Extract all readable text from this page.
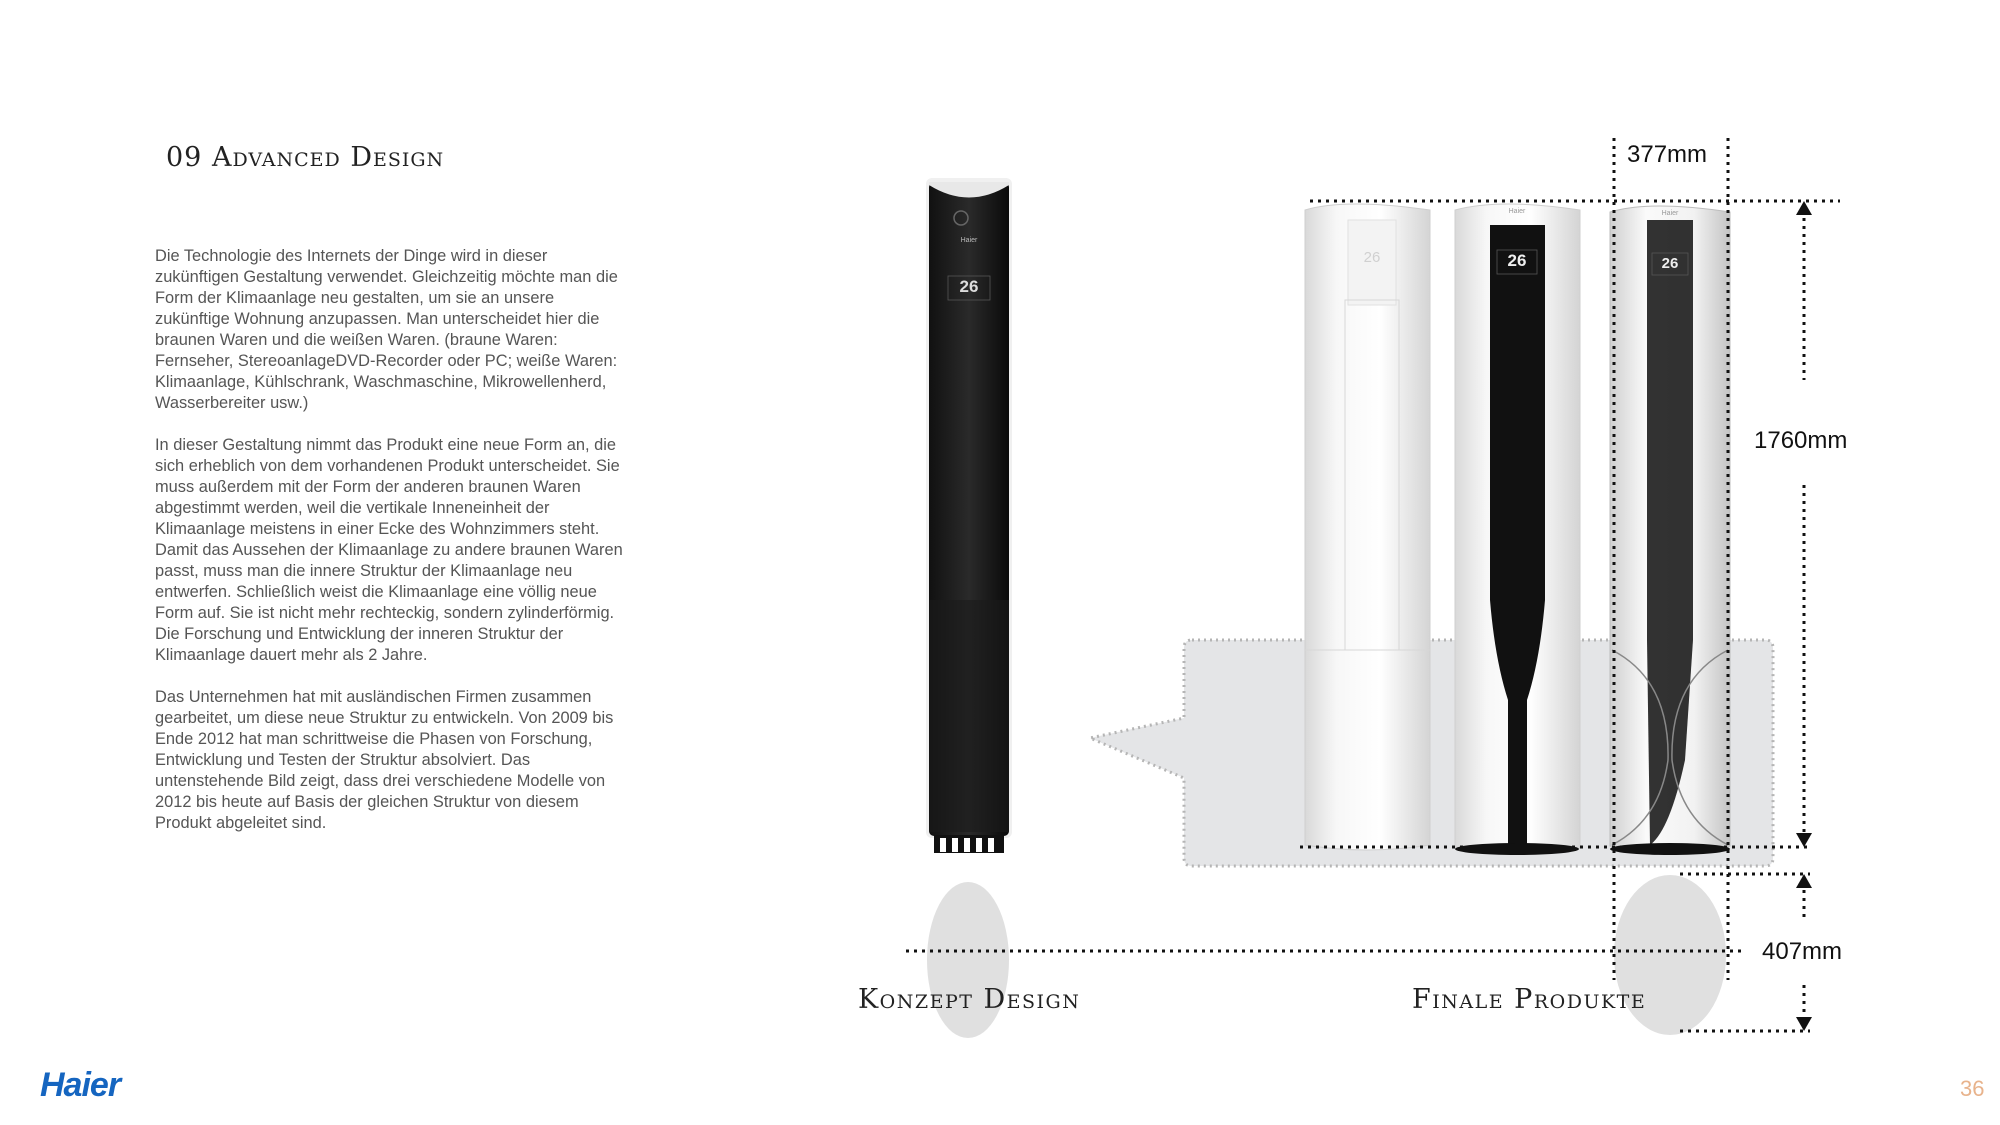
09 Advanced Design

Die Technologie des Internets der Dinge wird in dieser zukünftigen Gestaltung verwendet. Gleichzeitig möchte man die Form der Klimaanlage neu gestalten, um sie an unsere zukünftige Wohnung anzupassen. Man unterscheidet hier die braunen Waren und die weißen Waren. (braune Waren: Fernseher, StereoanlageDVD-Recorder oder PC; weiße Waren: Klimaanlage, Kühlschrank, Waschmaschine, Mikrowellenherd, Wasserbereiter usw.)

In dieser Gestaltung nimmt das Produkt eine neue Form an, die sich erheblich von dem vorhandenen Produkt unterscheidet. Sie muss außerdem mit der Form der anderen braunen Waren abgestimmt werden, weil die vertikale Inneneinheit der Klimaanlage meistens in einer Ecke des Wohnzimmers steht. Damit das Aussehen der Klimaanlage zu andere braunen Waren passt, muss man die innere Struktur der Klimaanlage neu entwerfen. Schließlich weist die Klimaanlage eine völlig neue Form auf. Sie ist nicht mehr rechteckig, sondern zylinderförmig. Die Forschung und Entwicklung der inneren Struktur der Klimaanlage dauert mehr als 2 Jahre.

Das Unternehmen hat mit ausländischen Firmen zusammen gearbeitet, um diese neue Struktur zu entwickeln. Von 2009 bis Ende 2012 hat man schrittweise die Phasen von Forschung, Entwicklung und Testen der Struktur absolviert. Das untenstehende Bild zeigt, dass drei verschiedene Modelle von 2012 bis heute auf Basis der gleichen Struktur von diesem Produkt abgeleitet sind.

Haier
26
26
Haier
26
Haier
26
377mm
1760mm
407mm
Konzept Design	Finale Produkte
Haier	36
